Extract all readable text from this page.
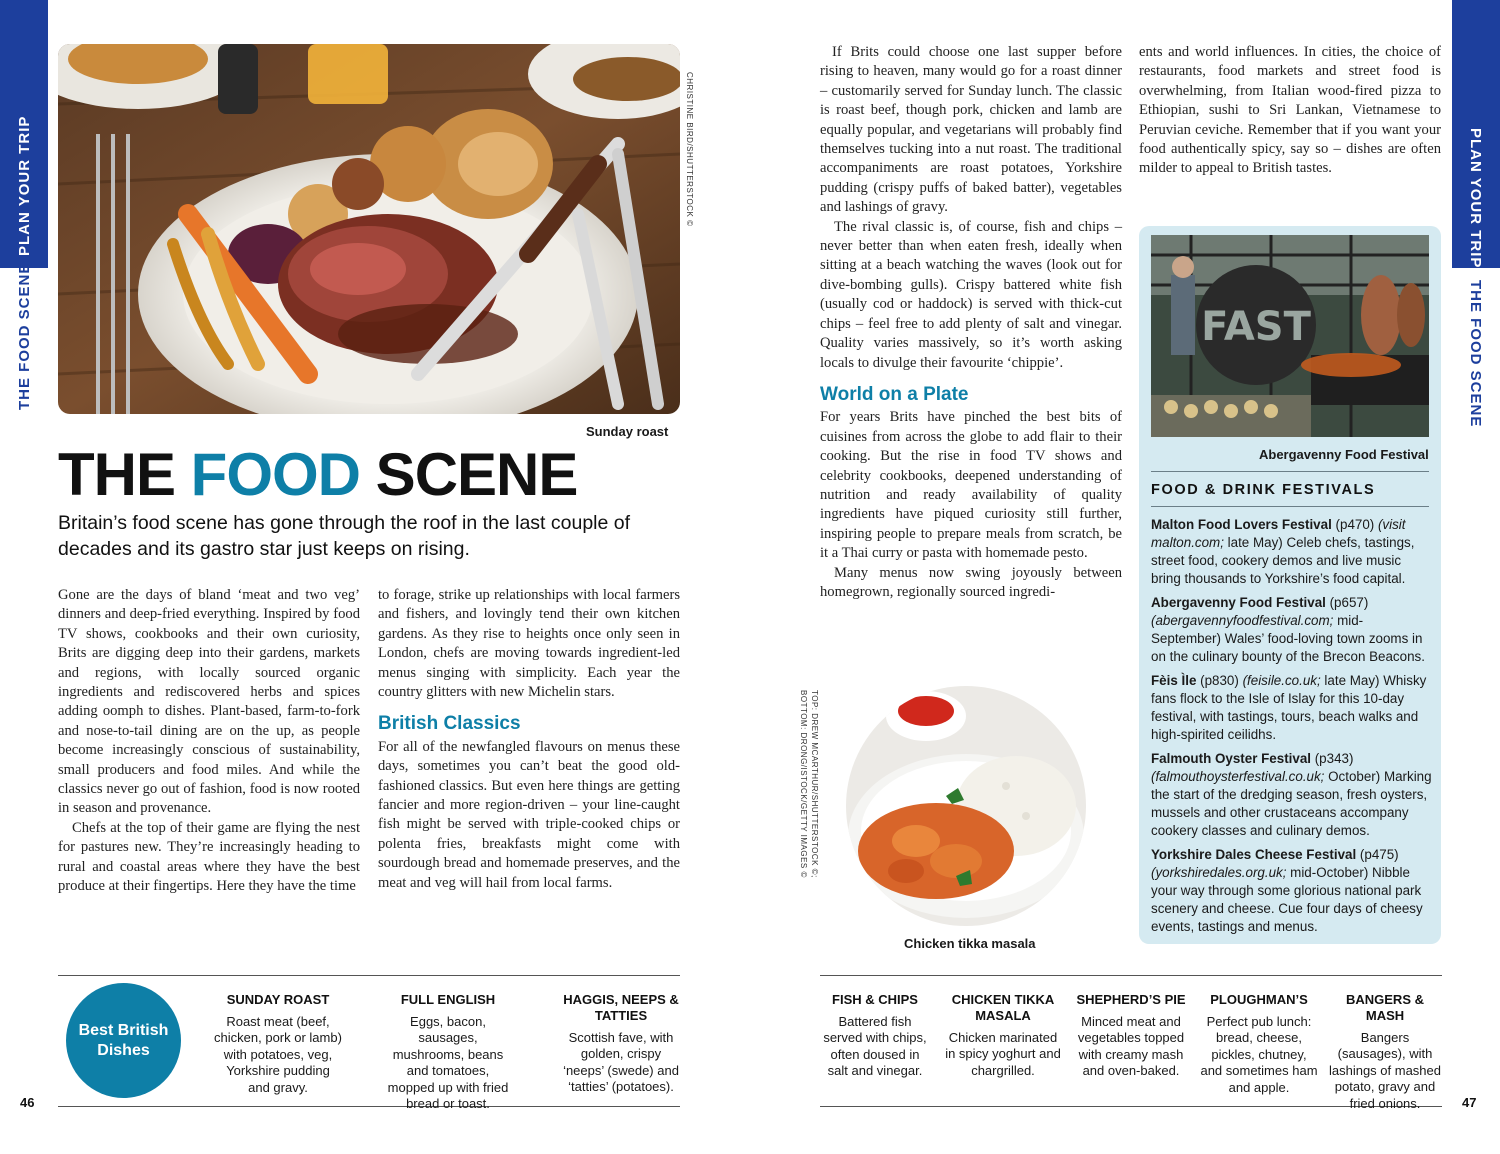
PLAN YOUR TRIP
THE FOOD SCENE
PLAN YOUR TRIP
THE FOOD SCENE
CHRISTINE BIRD/SHUTTERSTOCK ©
Sunday roast
THE FOOD SCENE
Britain’s food scene has gone through the roof in the last couple of decades and its gastro star just keeps on rising.

Gone are the days of bland ‘meat and two veg’ dinners and deep-fried everything. Inspired by food TV shows, cookbooks and their own curiosity, Brits are digging deep into their gardens, markets and regions, with locally sourced organic ingredients and rediscovered herbs and spices adding oomph to dishes. Plant-based, farm-to-fork and nose-to-tail dining are on the up, as people become increasingly conscious of sustainability, small producers and food miles. And while the classics never go out of fashion, food is now rooted in season and provenance.

Chefs at the top of their game are flying the nest for pastures new. They’re increasingly heading to rural and coastal areas where they have the best produce at their fingertips. Here they have the time

to forage, strike up relationships with local farmers and fishers, and lovingly tend their own kitchen gardens. As they rise to heights once only seen in London, chefs are moving towards ingredient-led menus singing with simplicity. Each year the country glitters with new Michelin stars.

British Classics

For all of the newfangled flavours on menus these days, sometimes you can’t beat the good old-fashioned classics. But even here things are getting fancier and more region-driven – your line-caught fish might be served with triple-cooked chips or polenta fries, breakfasts might come with sourdough bread and homemade preserves, and the meat and veg will hail from local farms.

If Brits could choose one last supper before rising to heaven, many would go for a roast dinner – customarily served for Sunday lunch. The classic is roast beef, though pork, chicken and lamb are equally popular, and vegetarians will probably find themselves tucking into a nut roast. The traditional accompaniments are roast potatoes, Yorkshire pudding (crispy puffs of baked batter), vegetables and lashings of gravy.

The rival classic is, of course, fish and chips – never better than when eaten fresh, ideally when sitting at a beach watching the waves (look out for dive-bombing gulls). Crispy battered white fish (usually cod or haddock) is served with thick-cut chips – feel free to add plenty of salt and vinegar. Quality varies massively, so it’s worth asking locals to divulge their favourite ‘chippie’.

World on a Plate

For years Brits have pinched the best bits of cuisines from across the globe to add flair to their cooking. But the rise in food TV shows and celebrity cookbooks, deepened understanding of nutrition and ready availability of quality ingredients have piqued curiosity still further, inspiring people to prepare meals from scratch, be it a Thai curry or pasta with homemade pesto.

Many menus now swing joyously between homegrown, regionally sourced ingredi-

ents and world influences. In cities, the choice of restaurants, food markets and street food is overwhelming, from Italian wood-fired pizza to Ethiopian, sushi to Sri Lankan, Vietnamese to Peruvian ceviche. Remember that if you want your food authentically spicy, say so – dishes are often milder to appeal to British tastes.

TOP: DREW MCARTHUR/SHUTTERSTOCK ©;
BOTTOM: DRONG/ISTOCK/GETTY IMAGES ©
Chicken tikka masala
FAST
Abergavenny Food Festival
FOOD & DRINK FESTIVALS
Malton Food Lovers Festival (p470) (visit malton.com; late May) Celeb chefs, tastings, street food, cookery demos and live music bring thousands to Yorkshire’s food capital.
Abergavenny Food Festival (p657) (abergavennyfoodfestival.com; mid-September) Wales’ food-loving town zooms in on the culinary bounty of the Brecon Beacons.
Fèis Ìle (p830) (feisile.co.uk; late May) Whisky fans flock to the Isle of Islay for this 10-day festival, with tastings, tours, beach walks and high-spirited ceilidhs.
Falmouth Oyster Festival (p343) (falmouthoysterfestival.co.uk; October) Marking the start of the dredging season, fresh oysters, mussels and other crustaceans accompany cookery classes and culinary demos.
Yorkshire Dales Cheese Festival (p475) (yorkshiredales.org.uk; mid-October) Nibble your way through some glorious national park scenery and cheese. Cue four days of cheesy events, tastings and menus.
Best British Dishes
SUNDAY ROAST
Roast meat (beef, chicken, pork or lamb) with potatoes, veg, Yorkshire pudding and gravy.
FULL ENGLISH
Eggs, bacon, sausages, mushrooms, beans and tomatoes, mopped up with fried bread or toast.
HAGGIS, NEEPS & TATTIES
Scottish fave, with golden, crispy ‘neeps’ (swede) and ‘tatties’ (potatoes).
FISH & CHIPS
Battered fish served with chips, often doused in salt and vinegar.
CHICKEN TIKKA MASALA
Chicken marinated in spicy yoghurt and chargrilled.
SHEPHERD’S PIE
Minced meat and vegetables topped with creamy mash and oven-baked.
PLOUGHMAN’S
Perfect pub lunch: bread, cheese, pickles, chutney, and sometimes ham and apple.
BANGERS & MASH
Bangers (sausages), with lashings of mashed potato, gravy and fried onions.
46	47
